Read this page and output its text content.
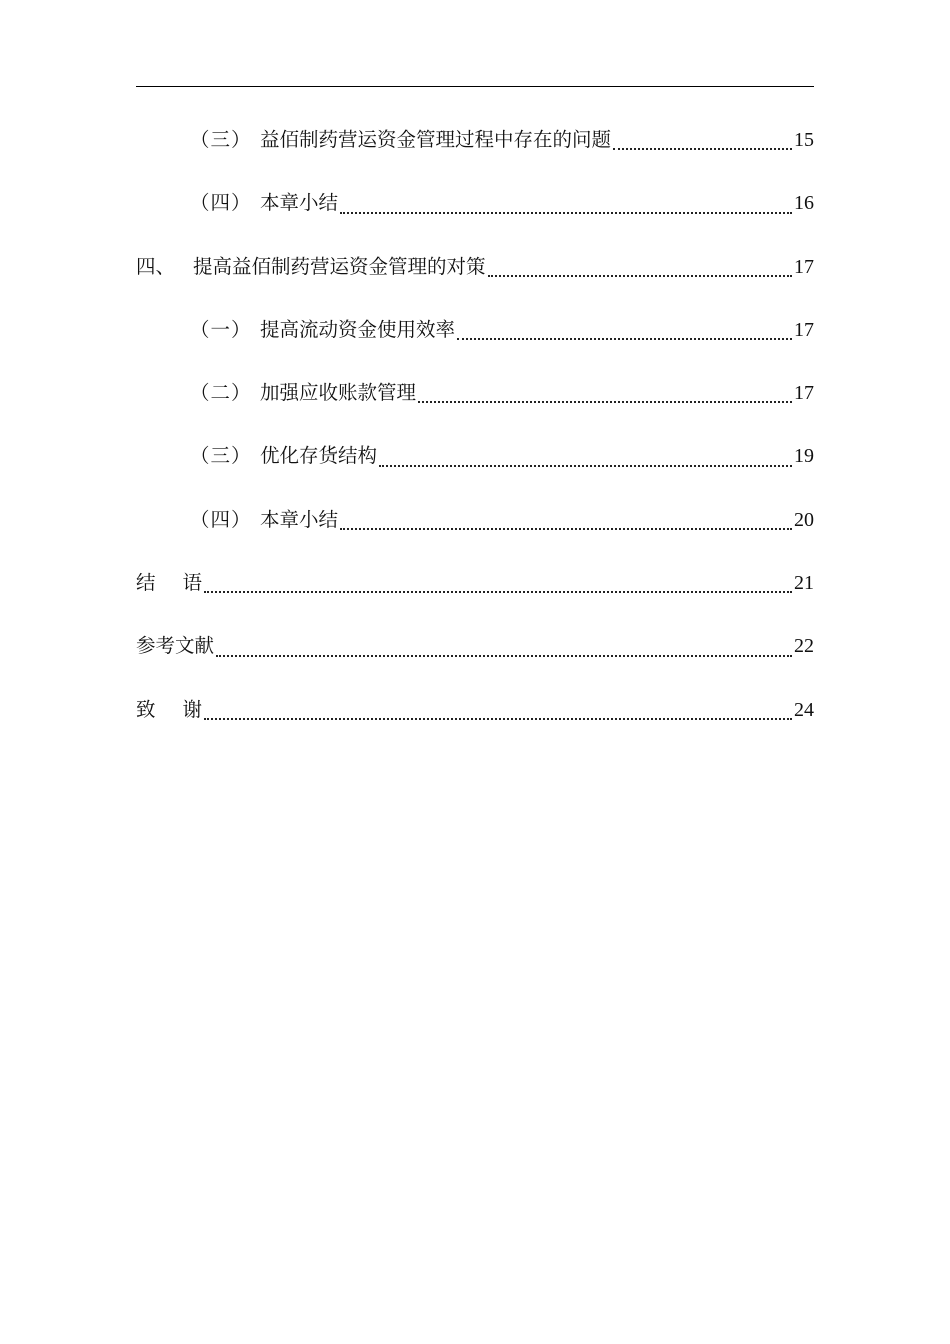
（三） 益佰制药营运资金管理过程中存在的问题	15
（四） 本章小结	16
四、 提高益佰制药营运资金管理的对策	17
（一） 提高流动资金使用效率	17
（二） 加强应收账款管理	17
（三） 优化存货结构	19
（四） 本章小结	20
结语	21
参考文献	22
致谢	24
